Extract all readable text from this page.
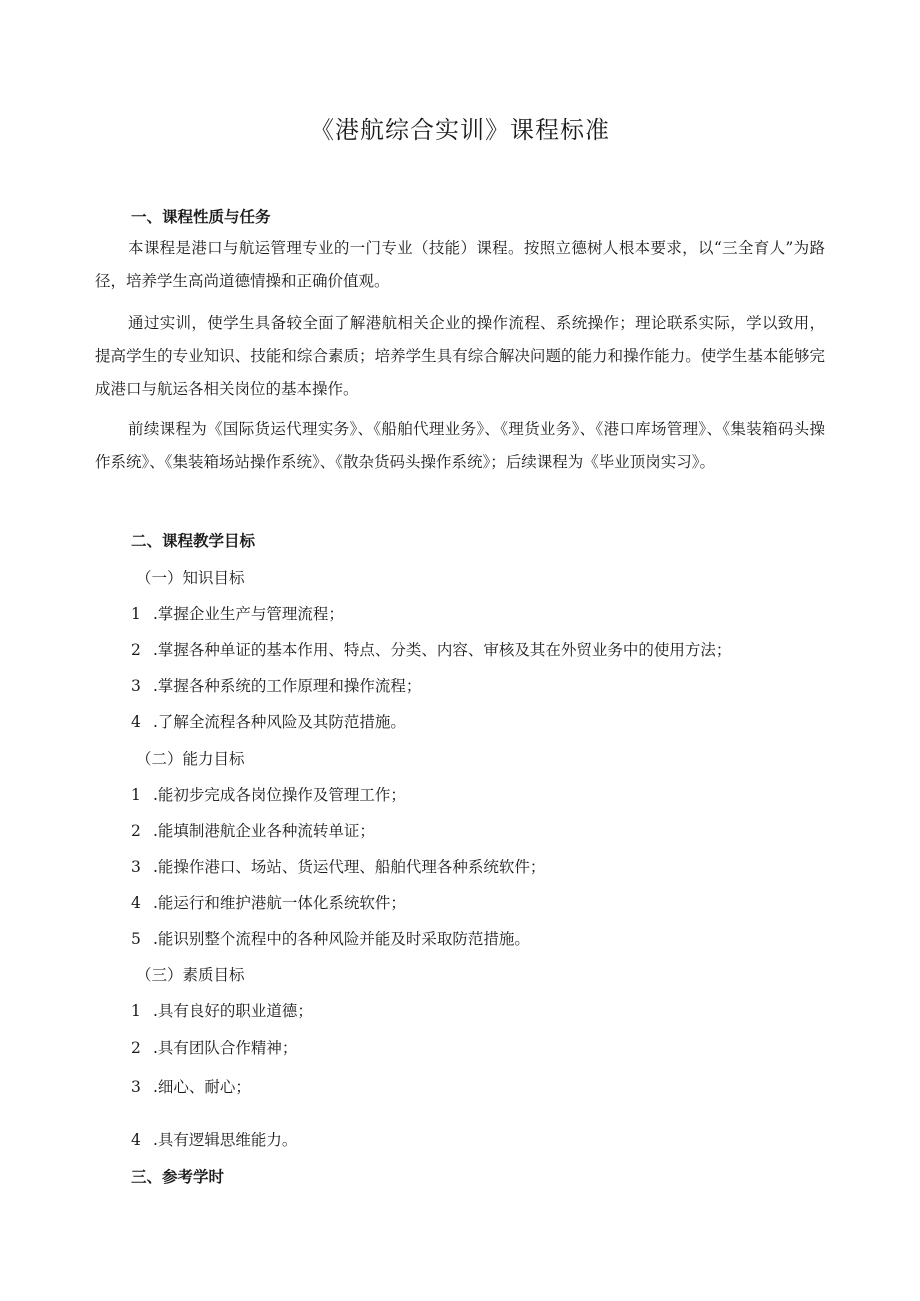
《港航综合实训》课程标准
一、课程性质与任务
本课程是港口与航运管理专业的一门专业（技能）课程。按照立德树人根本要求，以“三全育人”为路径，培养学生高尚道德情操和正确价值观。
通过实训，使学生具备较全面了解港航相关企业的操作流程、系统操作；理论联系实际，学以致用，提高学生的专业知识、技能和综合素质；培养学生具有综合解决问题的能力和操作能力。使学生基本能够完成港口与航运各相关岗位的基本操作。
前续课程为《国际货运代理实务》、《船舶代理业务》、《理货业务》、《港口库场管理》、《集装箱码头操作系统》、《集装箱场站操作系统》、《散杂货码头操作系统》；后续课程为《毕业顶岗实习》。
二、课程教学目标
（一）知识目标
1 .掌握企业生产与管理流程；
2 .掌握各种单证的基本作用、特点、分类、内容、审核及其在外贸业务中的使用方法；
3 .掌握各种系统的工作原理和操作流程；
4 .了解全流程各种风险及其防范措施。
（二）能力目标
1 .能初步完成各岗位操作及管理工作；
2 .能填制港航企业各种流转单证；
3 .能操作港口、场站、货运代理、船舶代理各种系统软件；
4 .能运行和维护港航一体化系统软件；
5 .能识别整个流程中的各种风险并能及时采取防范措施。
（三）素质目标
1 .具有良好的职业道德；
2 .具有团队合作精神；
3 .细心、耐心；
4 .具有逻辑思维能力。
三、参考学时
